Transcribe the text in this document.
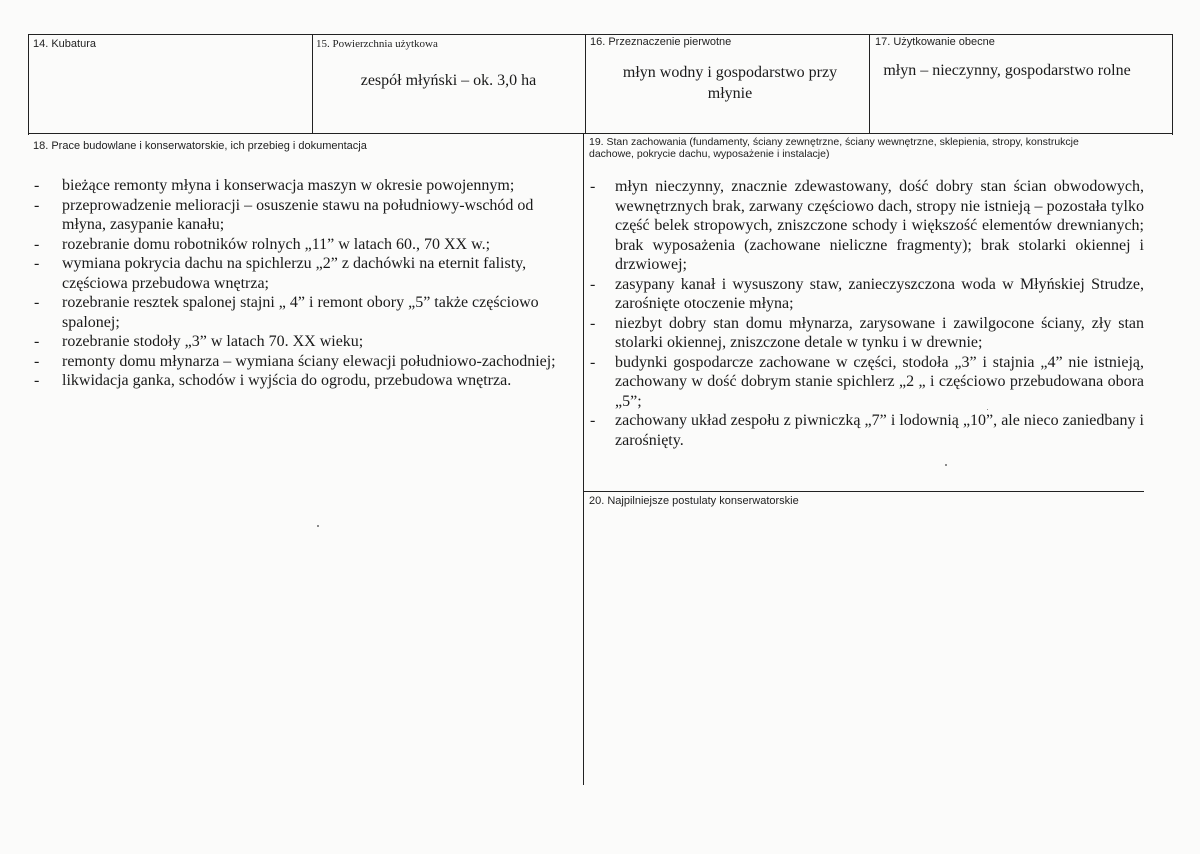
14. Kubatura	15. Powierzchnia użytkowa
zespół młyński – ok. 3,0 ha
16. Przeznaczenie pierwotne
młyn wodny i gospodarstwo przy młynie
17. Użytkowanie obecne
młyn – nieczynny, gospodarstwo rolne
18. Prace budowlane i konserwatorskie, ich przebieg i dokumentacja
- bieżące remonty młyna i konserwacja maszyn w okresie powojennym;
- przeprowadzenie melioracji – osuszenie stawu na południowy-wschód od młyna, zasypanie kanału;
- rozebranie domu robotników rolnych „11” w latach 60., 70 XX w.;
- wymiana pokrycia dachu na spichlerzu „2” z dachówki na eternit falisty, częściowa przebudowa wnętrza;
- rozebranie resztek spalonej stajni „ 4” i remont obory „5” także częściowo spalonej;
- rozebranie stodoły „3” w latach 70. XX wieku;
- remonty domu młynarza – wymiana ściany elewacji południowo-zachodniej;
- likwidacja ganka, schodów i wyjścia do ogrodu, przebudowa wnętrza.
19. Stan zachowania (fundamenty, ściany zewnętrzne, ściany wewnętrzne, sklepienia, stropy, konstrukcje dachowe, pokrycie dachu, wyposażenie i instalacje)
- młyn nieczynny, znacznie zdewastowany, dość dobry stan ścian obwodowych, wewnętrznych brak, zarwany częściowo dach, stropy nie istnieją – pozostała tylko część belek stropowych, zniszczone schody i większość elementów drewnianych; brak wyposażenia (zachowane nieliczne fragmenty); brak stolarki okiennej i drzwiowej;
- zasypany kanał i wysuszony staw, zanieczyszczona woda w Młyńskiej Strudze, zarośnięte otoczenie młyna;
- niezbyt dobry stan domu młynarza, zarysowane i zawilgocone ściany, zły stan stolarki okiennej, zniszczone detale w tynku i w drewnie;
- budynki gospodarcze zachowane w części, stodoła „3” i stajnia „4” nie istnieją, zachowany w dość dobrym stanie spichlerz „2 „ i częściowo przebudowana obora „5”;
- zachowany układ zespołu z piwniczką „7” i lodownią „10”, ale nieco zaniedbany i zarośnięty.
20. Najpilniejsze postulaty konserwatorskie
